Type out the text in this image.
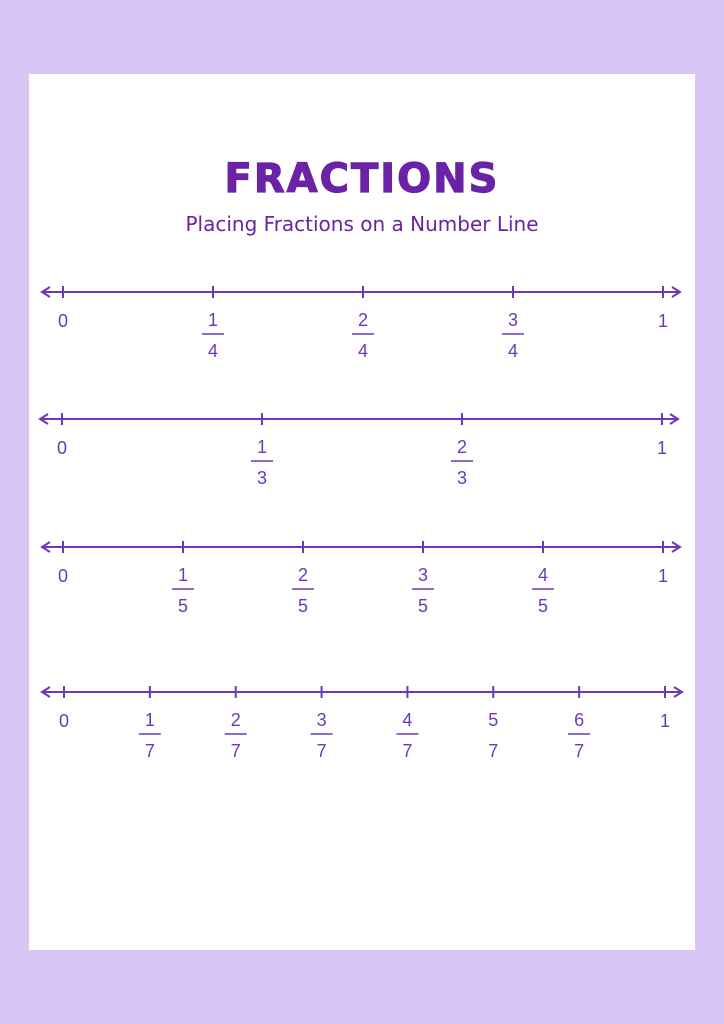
FRACTIONS
Placing Fractions on a Number Line
0	1
1
4
2
4
3
4
0	1
1
3
2
3
0	1
1
5
2
5
3
5
4
5
0	1
1
7
2
7
3
7
4
7
5
7
6
7
